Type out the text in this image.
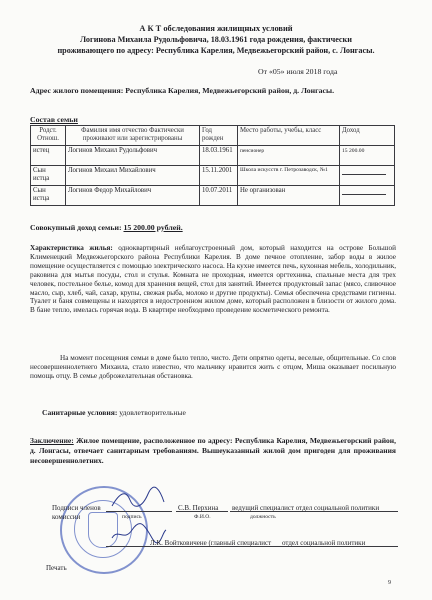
А К Т обследования жилищных условий
Логинова Михаила Рудольфовича, 18.03.1961 года рождения, фактически
проживающего по адресу: Республика Карелия, Медвежьегорский район, с. Лонгасы.
От «05» июля 2018 года
Адрес жилого помещения: Республика Карелия, Медвежьегорский район, д. Лонгасы.
Состав семьи
Родст. Отнош.	Фамилия имя отчество Фактически проживают или зарегистрированы	Год рожден	Место работы, учебы, класс	Доход
истец	Логинов Михаил Рудольфович	18.03.1961	пенсионер	15 200.00
Сын истца	Логинов Михаил Михайлович	15.11.2001	Школа искусств г. Петрозаводск, №1	

Сын истца	Логинов Федор Михайлович	10.07.2011	Не организован	
Совокупный доход семьи: 15 200.00 рублей.
Характеристика жилья: одноквартирный неблагоустроенный дом, который находится на острове Большой Клименецкий Медвежьегорского района Республики Карелия. В доме печное отопление, забор воды в жилое помещение осуществляется с помощью электрического насоса. На кухне имеется печь, кухонная мебель, холодильник, раковина для мытья посуды, стол и стулья. Комната не проходная, имеется оргтехника, спальные места для трех человек, постельное белье, комод для хранения вещей, стол для занятий. Имеется продуктовый запас (мясо, сливочное масло, сыр, хлеб, чай, сахар, крупы, свежая рыба, молоко и другие продукты). Семья обеспечена средствами гигиены. Туалет и баня совмещены и находятся в недостроенном жилом доме, который расположен в близости от жилого дома. В бане тепло, имелась горячая вода. В квартире необходимо проведение косметического ремонта.
На момент посещения семьи в доме было тепло, чисто. Дети опрятно одеты, веселые, общительные. Со слов несовершеннолетнего Михаила, стало известно, что мальчику нравится жить с отцом, Миша оказывает посильную помощь отцу. В семье доброжелательная обстановка.
Санитарные условия: удовлетворительные
Заключение: Жилое помещение, расположенное по адресу: Республика Карелия, Медвежьегорский район, д. Лонгасы, отвечает санитарным требованиям. Вышеуказанный жилой дом пригоден для проживания несовершеннолетних.
Подписи членов
комиссии
С.В. Перхина ведущий специалист отдел социальной политики
подпись	Ф.И.О.	должность
Л.К. Войтковичене (главный специалист отдел социальной политики
Печать
9
